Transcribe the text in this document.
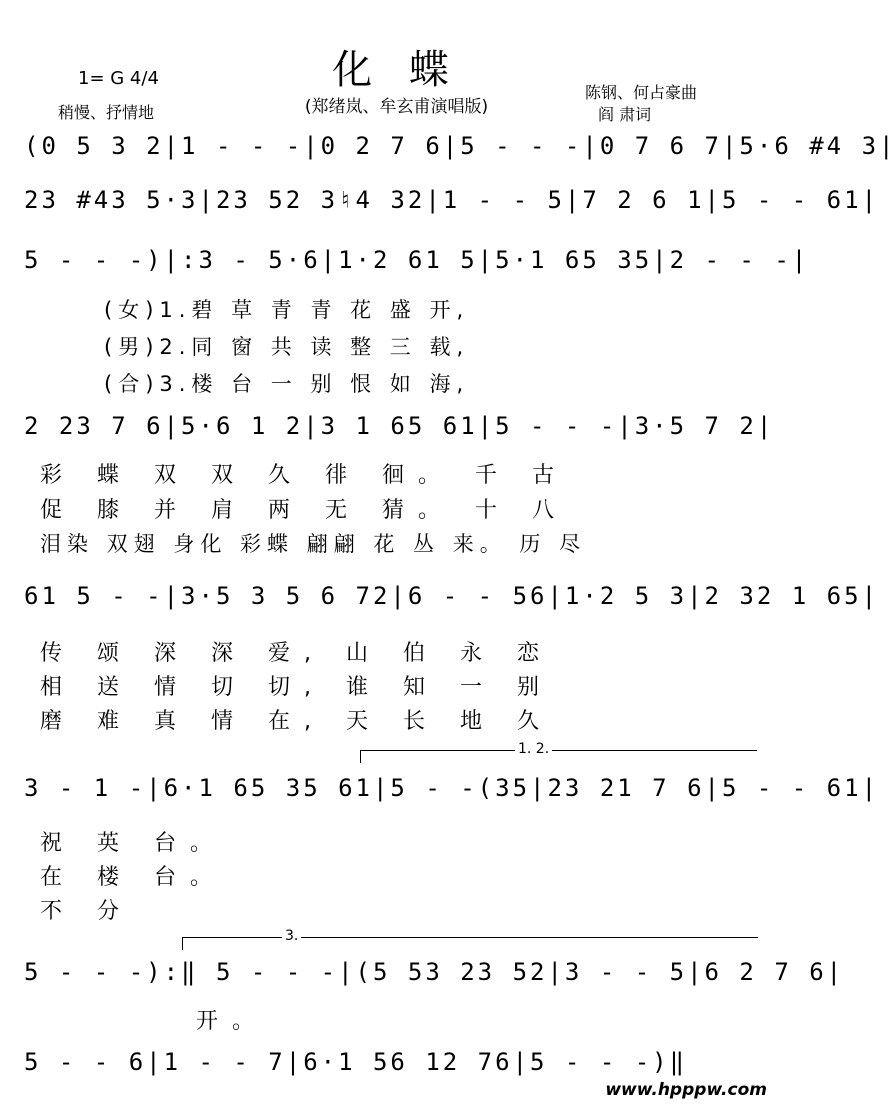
化 蝶
(郑绪岚、牟玄甫演唱版)
1= G 4/4
稍慢、抒情地
陈钢、何占豪曲
阎 肃词
(0 5 3 2|1 - - -|0 2 7 6|5 - - -|0 7 6 7|5·6 #4 3|
23 #43 5·3|23 52 3♮4 32|1 - - 5|7 2 6 1|5 - - 61|
5 - - -)|:3 - 5·6|1·2 61 5|5·1 65 35|2 - - -|
(女)1.碧 草 青 青 花 盛 开,
(男)2.同 窗 共 读 整 三 载,
(合)3.楼 台 一 别 恨 如 海,
2 23 7 6|5·6 1 2|3 1 65 61|5 - - -|3·5 7 2|
彩 蝶 双 双 久 徘 徊。 千 古
促 膝 并 肩 两 无 猜。 十 八
泪染 双翅 身化 彩蝶 翩翩 花 丛 来。 历 尽
61 5 - -|3·5 3 5 6 72|6 - - 56|1·2 5 3|2 32 1 65|
传 颂 深 深 爱, 山 伯 永 恋
相 送 情 切 切, 谁 知 一 别
磨 难 真 情 在, 天 长 地 久
1. 2.
3 - 1 -|6·1 65 35 61|5 - -(35|23 21 7 6|5 - - 61|
祝 英 台。
在 楼 台。
不 分
3.
5 - - -):‖ 5 - - -|(5 53 23 52|3 - - 5|6 2 7 6|
开。
5 - - 6|1 - - 7|6·1 56 12 76|5 - - -)‖
www.hpppw.com
